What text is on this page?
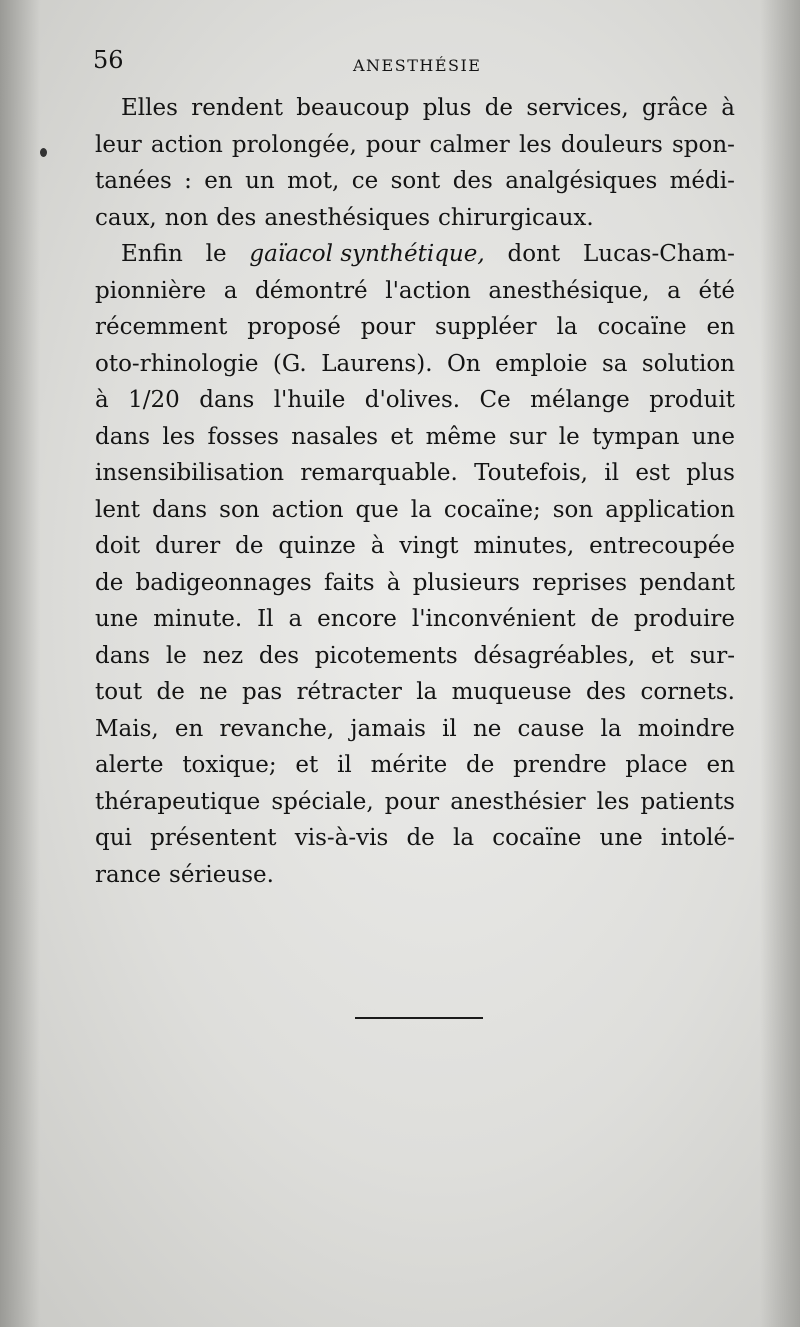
56	ANESTHÉSIE
Elles rendent beaucoup plus de services, grâce à
leur action prolongée, pour calmer les douleurs spon-
tanées : en un mot, ce sont des analgésiques médi-
caux, non des anesthésiques chirurgicaux.
Enfin le gaïacol synthétique, dont Lucas-Cham-
pionnière a démontré l'action anesthésique, a été
récemment proposé pour suppléer la cocaïne en
oto-rhinologie (G. Laurens). On emploie sa solution
à 1/20 dans l'huile d'olives. Ce mélange produit
dans les fosses nasales et même sur le tympan une
insensibilisation remarquable. Toutefois, il est plus
lent dans son action que la cocaïne; son application
doit durer de quinze à vingt minutes, entrecoupée
de badigeonnages faits à plusieurs reprises pendant
une minute. Il a encore l'inconvénient de produire
dans le nez des picotements désagréables, et sur-
tout de ne pas rétracter la muqueuse des cornets.
Mais, en revanche, jamais il ne cause la moindre
alerte toxique; et il mérite de prendre place en
thérapeutique spéciale, pour anesthésier les patients
qui présentent vis-à-vis de la cocaïne une intolé-
rance sérieuse.
